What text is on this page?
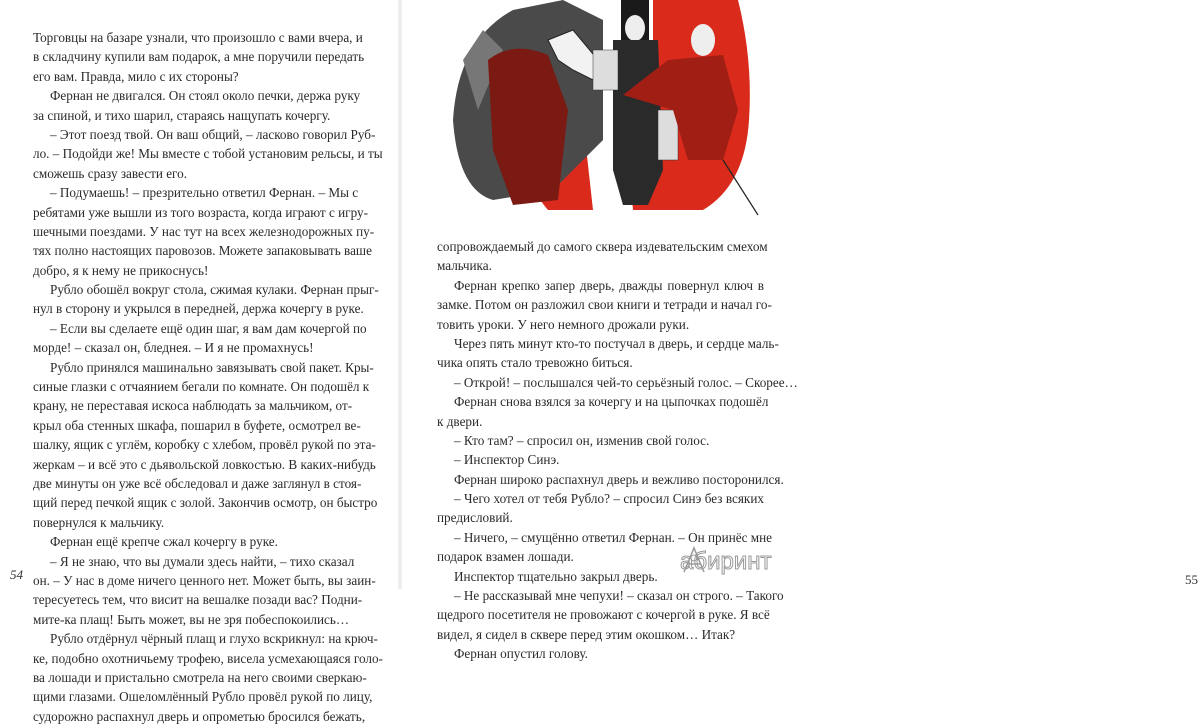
Торговцы на базаре узнали, что произошло с вами вчера, и
в складчину купили вам подарок, а мне поручили передать
его вам. Правда, мило с их стороны?
Фернан не двигался. Он стоял около печки, держа руку
за спиной, и тихо шарил, стараясь нащупать кочергу.
– Этот поезд твой. Он ваш общий, – ласково говорил Руб-
ло. – Подойди же! Мы вместе с тобой установим рельсы, и ты
сможешь сразу завести его.
– Подумаешь! – презрительно ответил Фернан. – Мы с
ребятами уже вышли из того возраста, когда играют с игру-
шечными поездами. У нас тут на всех железнодорожных пу-
тях полно настоящих паровозов. Можете запаковывать ваше
добро, я к нему не прикоснусь!
Рубло обошёл вокруг стола, сжимая кулаки. Фернан прыг-
нул в сторону и укрылся в передней, держа кочергу в руке.
– Если вы сделаете ещё один шаг, я вам дам кочергой по
морде! – сказал он, бледнея. – И я не промахнусь!
Рубло принялся машинально завязывать свой пакет. Кры-
синые глазки с отчаянием бегали по комнате. Он подошёл к
крану, не переставая искоса наблюдать за мальчиком, от-
крыл оба стенных шкафа, пошарил в буфете, осмотрел ве-
шалку, ящик с углём, коробку с хлебом, провёл рукой по эта-
жеркам – и всё это с дьявольской ловкостью. В каких-нибудь
две минуты он уже всё обследовал и даже заглянул в стоя-
щий перед печкой ящик с золой. Закончив осмотр, он быстро
повернулся к мальчику.
Фернан ещё крепче сжал кочергу в руке.
– Я не знаю, что вы думали здесь найти, – тихо сказал
он. – У нас в доме ничего ценного нет. Может быть, вы заин-
тересуетесь тем, что висит на вешалке позади вас? Подни-
мите-ка плащ! Быть может, вы не зря побеспокоились…
Рубло отдёрнул чёрный плащ и глухо вскрикнул: на крюч-
ке, подобно охотничьему трофею, висела усмехающаяся голо-
ва лошади и пристально смотрела на него своими сверкаю-
щими глазами. Ошеломлённый Рубло провёл рукой по лицу,
судорожно распахнул дверь и опрометью бросился бежать,
54
сопровождаемый до самого сквера издевательским смехом
мальчика.
Фернан крепко запер дверь, дважды повернул ключ в
замке. Потом он разложил свои книги и тетради и начал го-
товить уроки. У него немного дрожали руки.
Через пять минут кто-то постучал в дверь, и сердце маль-
чика опять стало тревожно биться.
– Открой! – послышался чей-то серьёзный голос. – Скорее…
Фернан снова взялся за кочергу и на цыпочках подошёл
к двери.
– Кто там? – спросил он, изменив свой голос.
– Инспектор Синэ.
Фернан широко распахнул дверь и вежливо посторонился.
– Чего хотел от тебя Рубло? – спросил Синэ без всяких
предисловий.
– Ничего, – смущённо ответил Фернан. – Он принёс мне
подарок взамен лошади.
Инспектор тщательно закрыл дверь.
– Не рассказывай мне чепухи! – сказал он строго. – Такого
щедрого посетителя не провожают с кочергой в руке. Я всё
видел, я сидел в сквере перед этим окошком… Итак?
Фернан опустил голову.
55
абиринт
